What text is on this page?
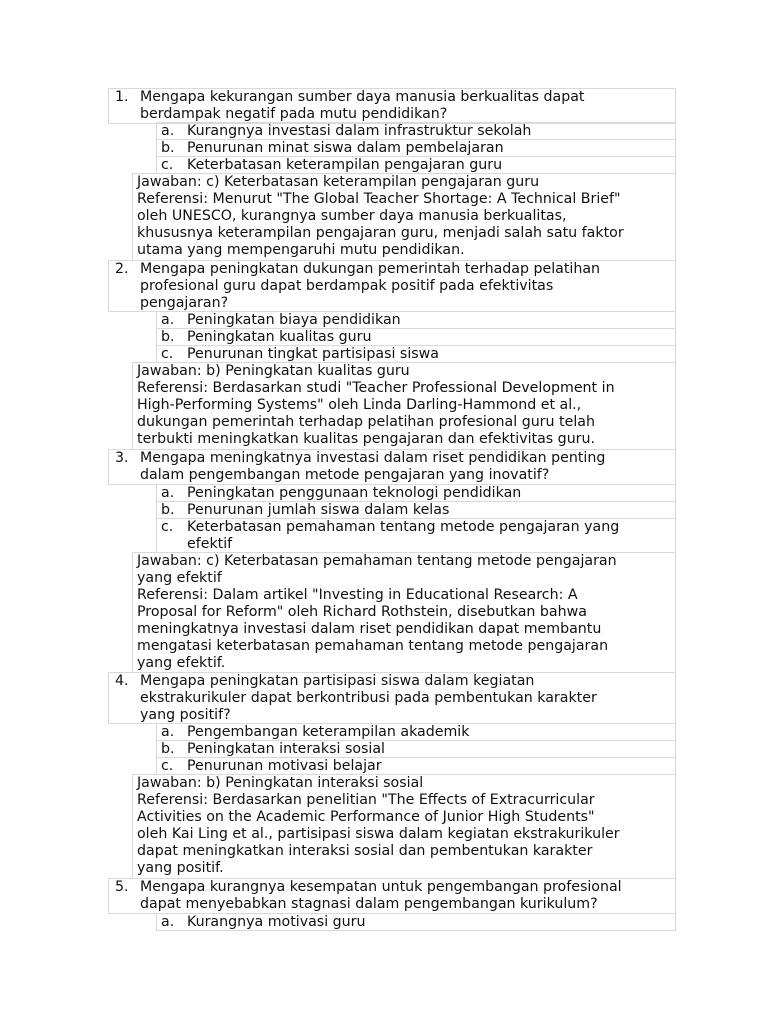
1. Mengapa kekurangan sumber daya manusia berkualitas dapat
berdampak negatif pada mutu pendidikan?
a. Kurangnya investasi dalam infrastruktur sekolah
b. Penurunan minat siswa dalam pembelajaran
c. Keterbatasan keterampilan pengajaran guru
Jawaban: c) Keterbatasan keterampilan pengajaran guru
Referensi: Menurut "The Global Teacher Shortage: A Technical Brief"
oleh UNESCO, kurangnya sumber daya manusia berkualitas,
khususnya keterampilan pengajaran guru, menjadi salah satu faktor
utama yang mempengaruhi mutu pendidikan.
2. Mengapa peningkatan dukungan pemerintah terhadap pelatihan
profesional guru dapat berdampak positif pada efektivitas
pengajaran?
a. Peningkatan biaya pendidikan
b. Peningkatan kualitas guru
c. Penurunan tingkat partisipasi siswa
Jawaban: b) Peningkatan kualitas guru
Referensi: Berdasarkan studi "Teacher Professional Development in
High-Performing Systems" oleh Linda Darling-Hammond et al.,
dukungan pemerintah terhadap pelatihan profesional guru telah
terbukti meningkatkan kualitas pengajaran dan efektivitas guru.
3. Mengapa meningkatnya investasi dalam riset pendidikan penting
dalam pengembangan metode pengajaran yang inovatif?
a. Peningkatan penggunaan teknologi pendidikan
b. Penurunan jumlah siswa dalam kelas
c. Keterbatasan pemahaman tentang metode pengajaran yang
efektif
Jawaban: c) Keterbatasan pemahaman tentang metode pengajaran
yang efektif
Referensi: Dalam artikel "Investing in Educational Research: A
Proposal for Reform" oleh Richard Rothstein, disebutkan bahwa
meningkatnya investasi dalam riset pendidikan dapat membantu
mengatasi keterbatasan pemahaman tentang metode pengajaran
yang efektif.
4. Mengapa peningkatan partisipasi siswa dalam kegiatan
ekstrakurikuler dapat berkontribusi pada pembentukan karakter
yang positif?
a. Pengembangan keterampilan akademik
b. Peningkatan interaksi sosial
c. Penurunan motivasi belajar
Jawaban: b) Peningkatan interaksi sosial
Referensi: Berdasarkan penelitian "The Effects of Extracurricular
Activities on the Academic Performance of Junior High Students"
oleh Kai Ling et al., partisipasi siswa dalam kegiatan ekstrakurikuler
dapat meningkatkan interaksi sosial dan pembentukan karakter
yang positif.
5. Mengapa kurangnya kesempatan untuk pengembangan profesional
dapat menyebabkan stagnasi dalam pengembangan kurikulum?
a. Kurangnya motivasi guru
